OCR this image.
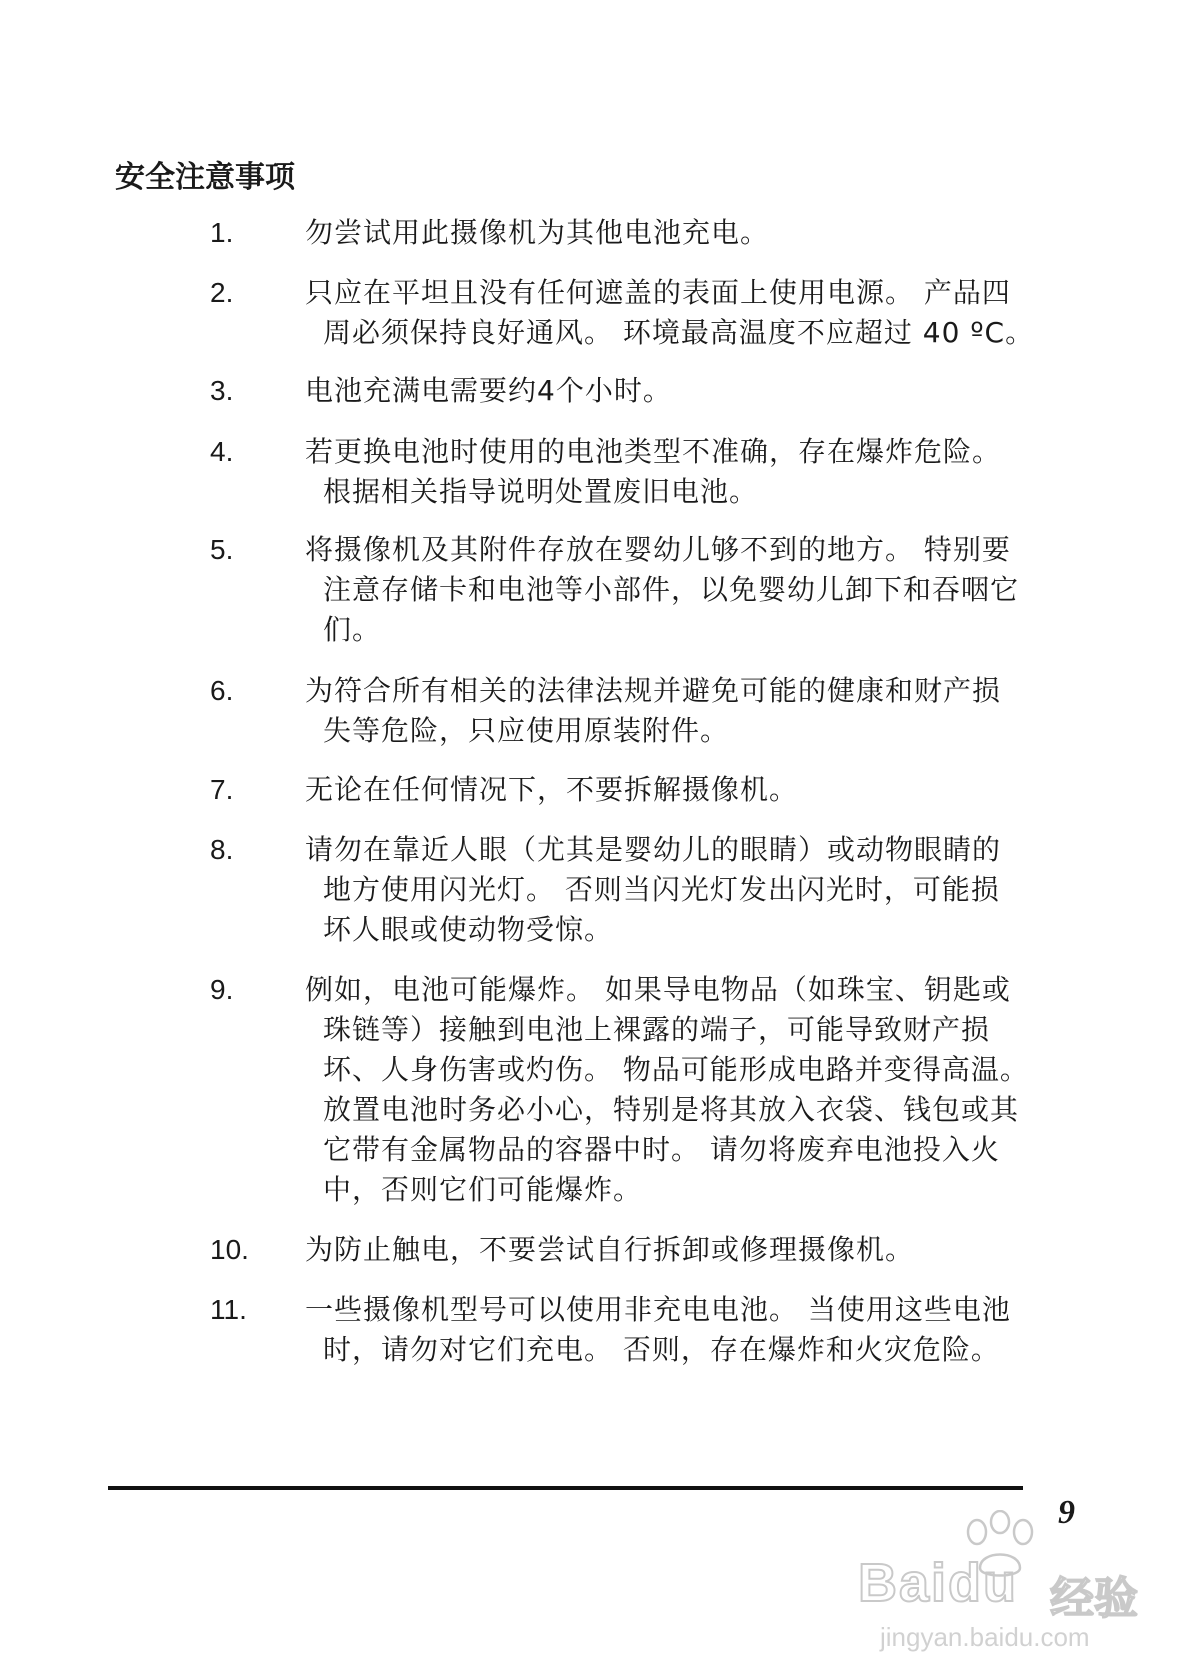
安全注意事项
1.	勿尝试用此摄像机为其他电池充电。
2.	只应在平坦且没有任何遮盖的表面上使用电源。 产品四
周必须保持良好通风。 环境最高温度不应超过 40 ºC。
3.	电池充满电需要约4个小时。
4.	若更换电池时使用的电池类型不准确，存在爆炸危险。
根据相关指导说明处置废旧电池。
5.	将摄像机及其附件存放在婴幼儿够不到的地方。 特别要
注意存储卡和电池等小部件，以免婴幼儿卸下和吞咽它
们。
6.	为符合所有相关的法律法规并避免可能的健康和财产损
失等危险，只应使用原装附件。
7.	无论在任何情况下，不要拆解摄像机。
8.	请勿在靠近人眼（尤其是婴幼儿的眼睛）或动物眼睛的
地方使用闪光灯。 否则当闪光灯发出闪光时，可能损
坏人眼或使动物受惊。
9.	例如，电池可能爆炸。 如果导电物品（如珠宝、钥匙或
珠链等）接触到电池上裸露的端子，可能导致财产损
坏、人身伤害或灼伤。 物品可能形成电路并变得高温。
放置电池时务必小心，特别是将其放入衣袋、钱包或其
它带有金属物品的容器中时。 请勿将废弃电池投入火
中，否则它们可能爆炸。
10. 为防止触电，不要尝试自行拆卸或修理摄像机。
11. 一些摄像机型号可以使用非充电电池。 当使用这些电池
时，请勿对它们充电。 否则，存在爆炸和火灾危险。
9
Baidu 经验
jingyan.baidu.com
